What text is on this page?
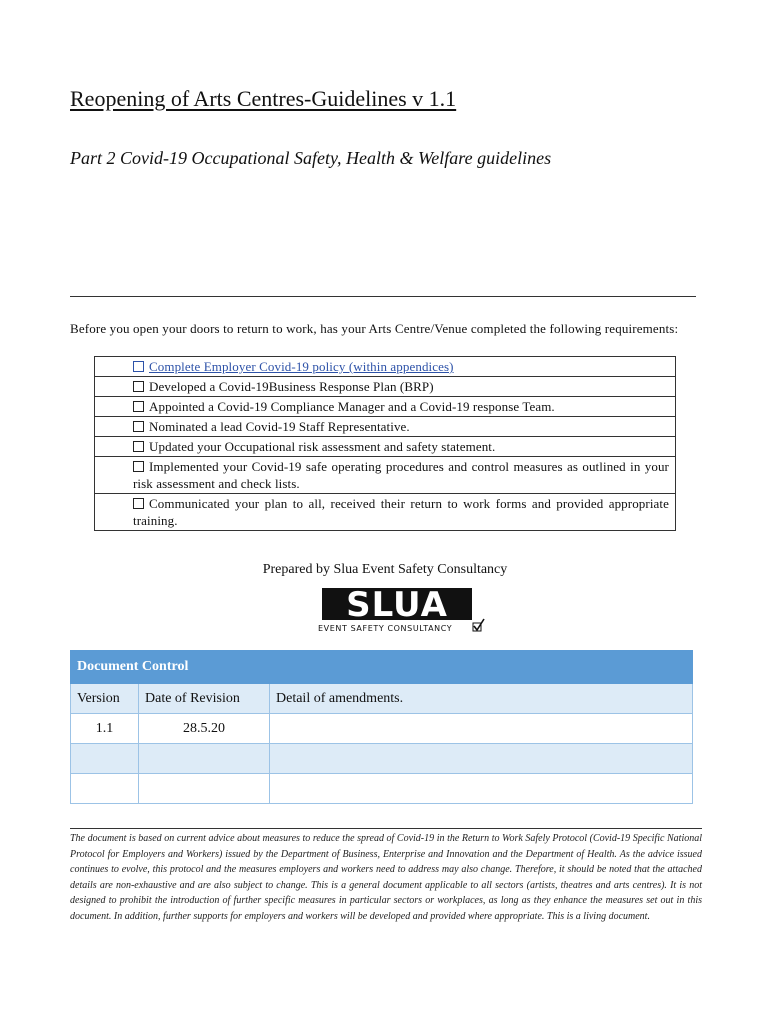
Reopening of Arts Centres-Guidelines v 1.1
Part 2 Covid-19 Occupational Safety, Health & Welfare guidelines
Before you open your doors to return to work, has your Arts Centre/Venue completed the following requirements:
Complete Employer Covid-19 policy (within appendices)
Developed a Covid-19Business Response Plan (BRP)
Appointed a Covid-19 Compliance Manager and a Covid-19 response Team.
Nominated a lead Covid-19 Staff Representative.
Updated your Occupational risk assessment and safety statement.
Implemented your Covid-19 safe operating procedures and control measures as outlined in your risk assessment and check lists.
Communicated your plan to all, received their return to work forms and provided appropriate training.
Prepared by Slua Event Safety Consultancy
SLUA
EVENT SAFETY CONSULTANCY
Document Control		
Version	Date of Revision	Detail of amendments.
1.1	28.5.20	

The document is based on current advice about measures to reduce the spread of Covid-19 in the Return to Work Safely Protocol (Covid-19 Specific National Protocol for Employers and Workers) issued by the Department of Business, Enterprise and Innovation and the Department of Health. As the advice issued continues to evolve, this protocol and the measures employers and workers need to address may also change. Therefore, it should be noted that the attached details are non-exhaustive and are also subject to change. This is a general document applicable to all sectors (artists, theatres and arts centres). It is not designed to prohibit the introduction of further specific measures in particular sectors or workplaces, as long as they enhance the measures set out in this document. In addition, further supports for employers and workers will be developed and provided where appropriate. This is a living document.
